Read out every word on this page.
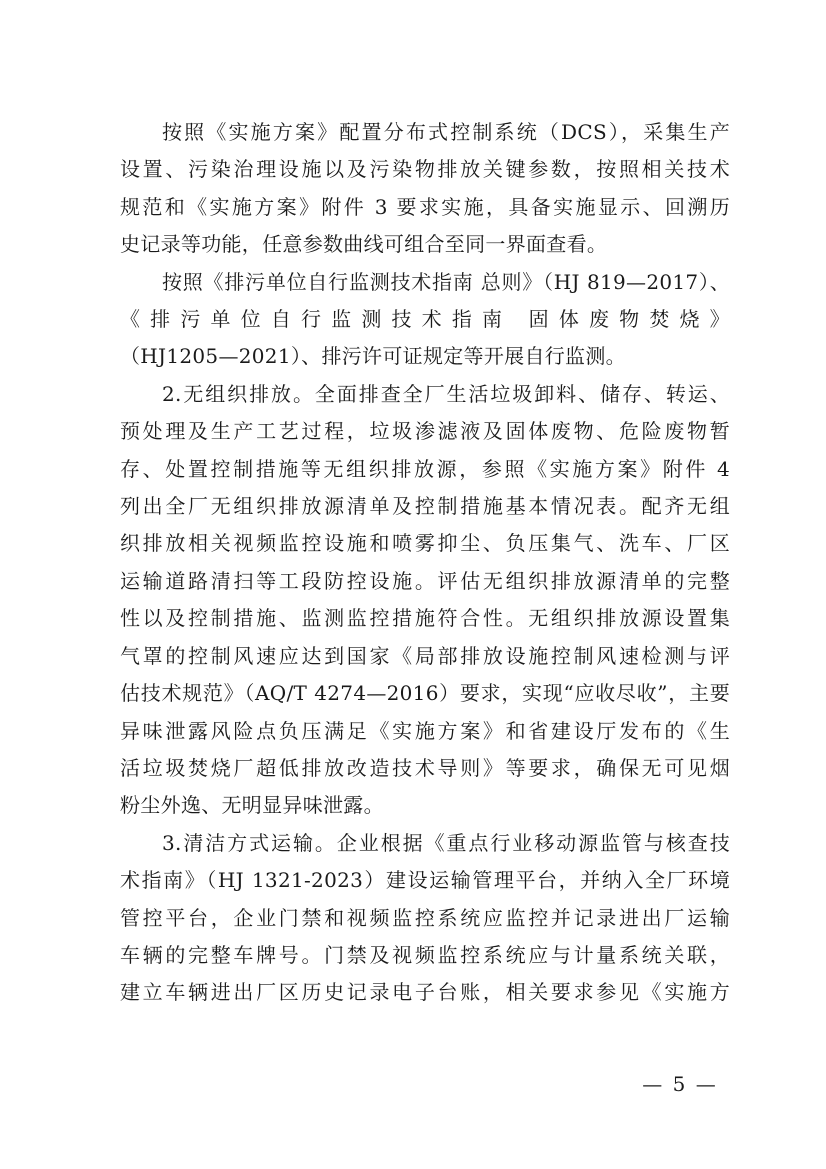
按照《实施方案》配置分布式控制系统（DCS），采集生产
设置、污染治理设施以及污染物排放关键参数，按照相关技术
规范和《实施方案》附件 3 要求实施，具备实施显示、回溯历
史记录等功能，任意参数曲线可组合至同一界面查看。
按照《排污单位自行监测技术指南 总则》（HJ 819—2017）、
《排污单位自行监测技术指南 固体废物焚烧》
（HJ1205—2021）、排污许可证规定等开展自行监测。
2.无组织排放。全面排查全厂生活垃圾卸料、储存、转运、
预处理及生产工艺过程，垃圾渗滤液及固体废物、危险废物暂
存、处置控制措施等无组织排放源，参照《实施方案》附件 4
列出全厂无组织排放源清单及控制措施基本情况表。配齐无组
织排放相关视频监控设施和喷雾抑尘、负压集气、洗车、厂区
运输道路清扫等工段防控设施。评估无组织排放源清单的完整
性以及控制措施、监测监控措施符合性。无组织排放源设置集
气罩的控制风速应达到国家《局部排放设施控制风速检测与评
估技术规范》（AQ/T 4274—2016）要求，实现“应收尽收”，主要
异味泄露风险点负压满足《实施方案》和省建设厅发布的《生
活垃圾焚烧厂超低排放改造技术导则》等要求，确保无可见烟
粉尘外逸、无明显异味泄露。
3.清洁方式运输。企业根据《重点行业移动源监管与核查技
术指南》（HJ 1321-2023）建设运输管理平台，并纳入全厂环境
管控平台，企业门禁和视频监控系统应监控并记录进出厂运输
车辆的完整车牌号。门禁及视频监控系统应与计量系统关联，
建立车辆进出厂区历史记录电子台账，相关要求参见《实施方
— 5 —
